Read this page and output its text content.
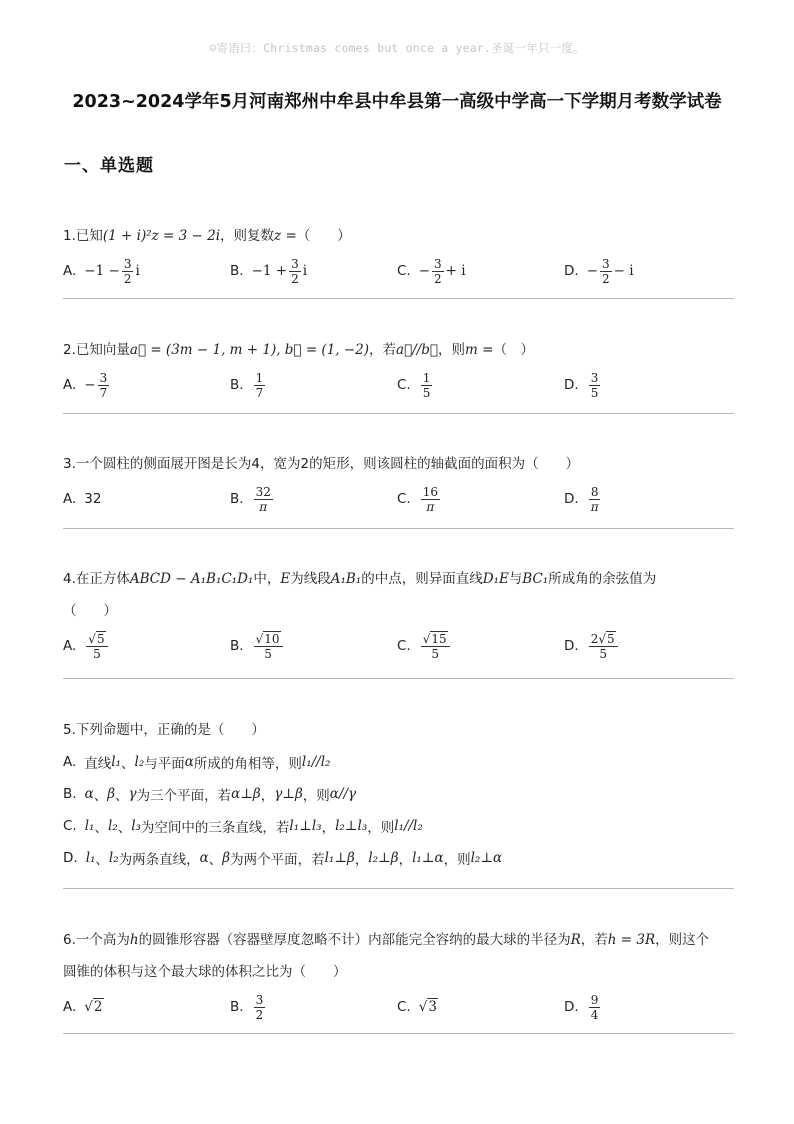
☺寄语曰：Christmas comes but once a year.圣诞一年只一度。
2023~2024学年5月河南郑州中牟县中牟县第一高级中学高一下学期月考数学试卷
一、单选题
1.已知(1 + i)²z = 3 − 2i，则复数z =（　　）
A. $-1 - \frac{3}{2}$ i	B. $-1 + \frac{3}{2}$ i	C. − $\frac{3}{2} + i$	D. − $\frac{3}{2} - i$
2.已知向量a⃗ = (3m − 1, m + 1), b⃗ = (1, −2)，若a⃗//b⃗，则m =（　）
A. − $\frac{3}{7}$	B. $\frac{1}{7}$	C. $\frac{1}{5}$	D. $\frac{3}{5}$
3.一个圆柱的侧面展开图是长为4，宽为2的矩形，则该圆柱的轴截面的面积为（　　）
A. 32	B. $\frac{32}{\pi}$	C. $\frac{16}{\pi}$	D. $\frac{8}{\pi}$
4.在正方体ABCD − A₁B₁C₁D₁中，E为线段A₁B₁的中点，则异面直线D₁E与BC₁所成角的余弦值为
（　　）
A. $\frac{√5}{5}$	B. $\frac{√10}{5}$	C. $\frac{√15}{5}$	D. $\frac{2√5}{5}$
5.下列命题中，正确的是（　　）
A. 直线 l₁ 、 l₂ 与平面 α 所成的角相等，则 l₁//l₂
B. α 、 β 、 γ 为三个平面，若 α⊥β ， γ⊥β ，则 α//γ
C. l₁ 、 l₂ 、 l₃ 为空间中的三条直线，若 l₁⊥l₃ ， l₂⊥l₃ ，则 l₁//l₂
D. l₁ 、 l₂ 为两条直线， α 、 β 为两个平面，若 l₁⊥β ， l₂⊥β ， l₁⊥α ，则 l₂⊥α
6.一个高为h的圆锥形容器（容器壁厚度忽略不计）内部能完全容纳的最大球的半径为R，若h = 3R，则这个
圆锥的体积与这个最大球的体积之比为（　　）
A. √2	B. $\frac{3}{2}$	C. √3	D. $\frac{9}{4}$
